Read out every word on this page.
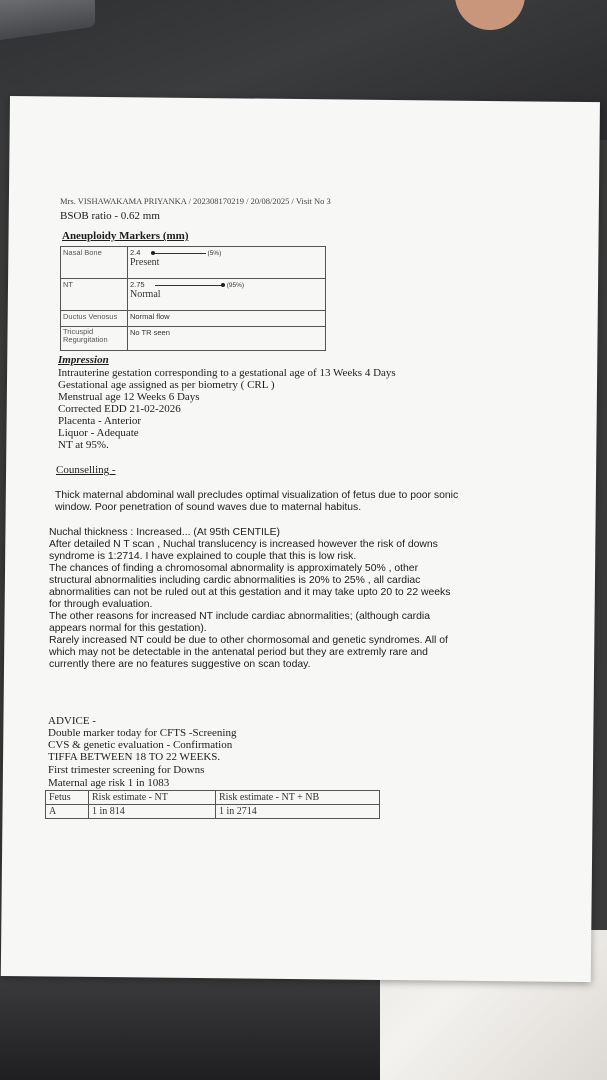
Mrs. VISHAWAKAMA PRIYANKA / 202308170219 / 20/08/2025 / Visit No 3
BSOB ratio - 0.62 mm
Aneuploidy Markers (mm)
Nasal Bone	2.4 (5%)
Present
NT	2.75 (95%)
Normal
Ductus Venosus	Normal flow
Tricuspid Regurgitation	No TR seen
Impression
Intrauterine gestation corresponding to a gestational age of 13 Weeks 4 Days
Gestational age assigned as per biometry ( CRL )
Menstrual age 12 Weeks 6 Days
Corrected EDD 21-02-2026
Placenta - Anterior
Liquor - Adequate
NT at 95%.
Counselling -
Thick maternal abdominal wall precludes optimal visualization of fetus due to poor sonic
window. Poor penetration of sound waves due to maternal habitus.
Nuchal thickness : Increased... (At 95th CENTILE)
After detailed N T scan , Nuchal translucency is increased however the risk of downs
syndrome is 1:2714. I have explained to couple that this is low risk.
The chances of finding a chromosomal abnormality is approximately 50% , other
structural abnormalities including cardic abnormalities is 20% to 25% , all cardiac
abnormalities can not be ruled out at this gestation and it may take upto 20 to 22 weeks
for through evaluation.
The other reasons for increased NT include cardiac abnormalities; (although cardia
appears normal for this gestation).
Rarely increased NT could be due to other chormosomal and genetic syndromes. All of
which may not be detectable in the antenatal period but they are extremly rare and
currently there are no features suggestive on scan today.
ADVICE -
Double marker today for CFTS -Screening
CVS & genetic evaluation - Confirmation
TIFFA BETWEEN 18 TO 22 WEEKS.
First trimester screening for Downs
Maternal age risk 1 in 1083
Fetus	Risk estimate - NT	Risk estimate - NT + NB
A	1 in 814	1 in 2714
